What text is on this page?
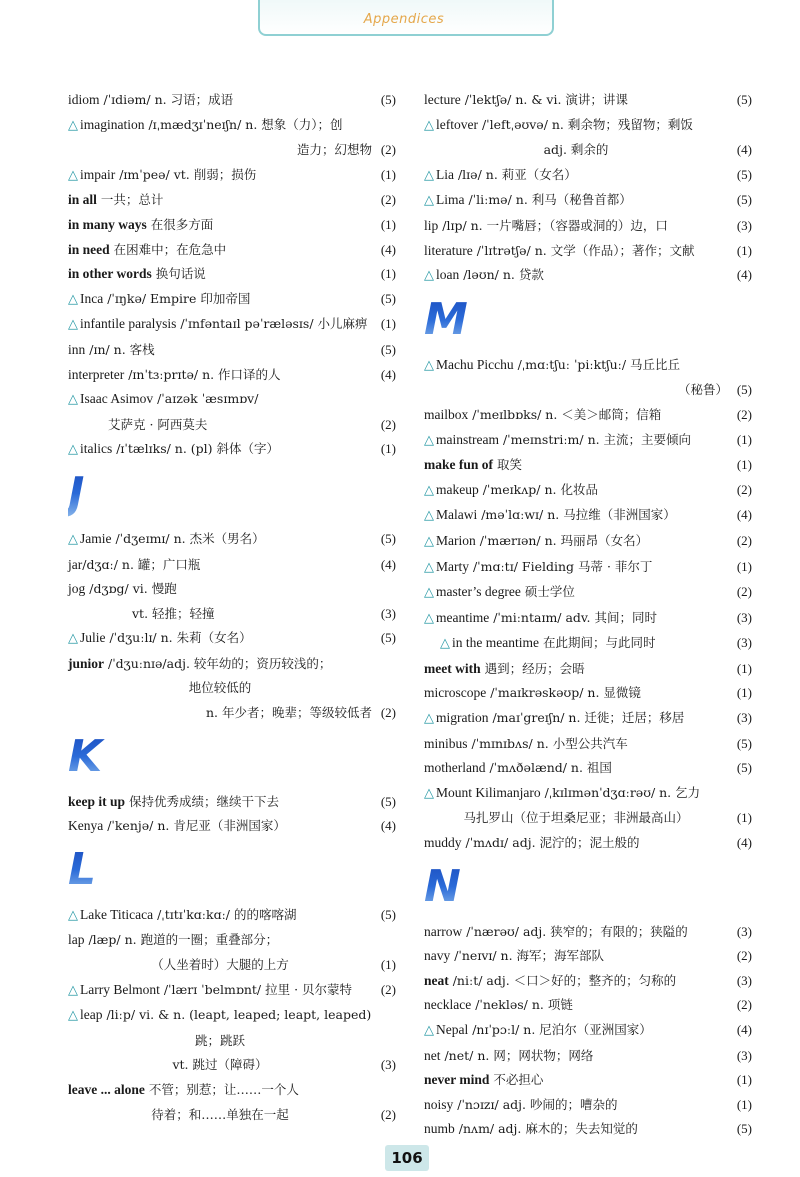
Appendices
idiom /ˈɪdiəm/ n. 习语；成语	(5)
△ imagination /ɪˌmædʒɪˈneɪʃn/ n. 想象（力）；创
造力；幻想物 (2)
△ impair /ɪmˈpeə/ vt. 削弱；损伤	(1)
in all 一共；总计	(2)
in many ways 在很多方面	(1)
in need 在困难中；在危急中	(4)
in other words 换句话说	(1)
△ Inca /ˈɪŋkə/ Empire 印加帝国	(5)
△ infantile paralysis /ˈɪnfəntaɪl pəˈræləsɪs/ 小儿麻痹 (1)
inn /ɪn/ n. 客栈	(5)
interpreter /ɪnˈtɜːprɪtə/ n. 作口译的人	(4)
△ Isaac Asimov /ˈaɪzək ˈæsɪmɒv/
艾萨克 · 阿西莫夫	(2)
△ italics /ɪˈtælɪks/ n. (pl) 斜体（字）	(1)
J
△ Jamie /ˈdʒeɪmɪ/ n. 杰米（男名）	(5)
jar/dʒɑː/ n. 罐；广口瓶	(4)
jog /dʒɒg/ vi. 慢跑
vt. 轻推；轻撞	(3)
△ Julie /ˈdʒuːlɪ/ n. 朱莉（女名）	(5)
junior /ˈdʒuːnɪə/adj. 较年幼的；资历较浅的；
地位较低的
n. 年少者；晚辈；等级较低者 (2)
K
keep it up 保持优秀成绩；继续干下去	(5)
Kenya /ˈkenjə/ n. 肯尼亚（非洲国家）	(4)
L
△ Lake Titicaca /ˌtɪtɪˈkɑːkɑː/ 的的喀喀湖	(5)
lap /læp/ n. 跑道的一圈；重叠部分；
（人坐着时）大腿的上方	(1)
△ Larry Belmont /ˈlærɪ ˈbelmɒnt/ 拉里 · 贝尔蒙特 (2)
△ leap /liːp/ vi. & n. (leapt, leaped; leapt, leaped)
跳；跳跃
vt. 跳过（障碍）	(3)
leave ... alone 不管；别惹；让……一个人
待着；和……单独在一起	(2)
lecture /ˈlektʃə/ n. & vi. 演讲；讲课	(5)
△ leftover /ˈleftˌəʊvə/ n. 剩余物；残留物；剩饭
adj. 剩余的	(4)
△ Lia /lɪə/ n. 莉亚（女名）	(5)
△ Lima /ˈliːmə/ n. 利马（秘鲁首都）	(5)
lip /lɪp/ n. 一片嘴唇；（容器或洞的）边，口	(3)
literature /ˈlɪtrətʃə/ n. 文学（作品）；著作；文献	(1)
△ loan /ləʊn/ n. 贷款	(4)
M
△ Machu Picchu /ˌmɑːtʃuː ˈpiːktʃuː/ 马丘比丘
（秘鲁） (5)
mailbox /ˈmeɪlbɒks/ n. ＜美＞邮筒；信箱	(2)
△ mainstream /ˈmeɪnstriːm/ n. 主流；主要倾向	(1)
make fun of 取笑	(1)
△ makeup /ˈmeɪkʌp/ n. 化妆品	(2)
△ Malawi /məˈlɑːwɪ/ n. 马拉维（非洲国家）	(4)
△ Marion /ˈmærɪən/ n. 玛丽昂（女名）	(2)
△ Marty /ˈmɑːtɪ/ Fielding 马蒂 · 菲尔丁	(1)
△ master’s degree 硕士学位	(2)
△ meantime /ˈmiːntaɪm/ adv. 其间；同时	(3)
△ in the meantime 在此期间；与此同时	(3)
meet with 遇到；经历；会晤	(1)
microscope /ˈmaɪkrəskəʊp/ n. 显微镜	(1)
△ migration /maɪˈgreɪʃn/ n. 迁徙；迁居；移居	(3)
minibus /ˈmɪnɪbʌs/ n. 小型公共汽车	(5)
motherland /ˈmʌðəlænd/ n. 祖国	(5)
△ Mount Kilimanjaro /ˌkɪlɪmənˈdʒɑːrəʊ/ n. 乞力
马扎罗山（位于坦桑尼亚；非洲最高山）	(1)
muddy /ˈmʌdɪ/ adj. 泥泞的；泥土般的	(4)
N
narrow /ˈnærəʊ/ adj. 狭窄的；有限的；狭隘的	(3)
navy /ˈneɪvɪ/ n. 海军；海军部队	(2)
neat /niːt/ adj. ＜口＞好的；整齐的；匀称的	(3)
necklace /ˈnekləs/ n. 项链	(2)
△ Nepal /nɪˈpɔːl/ n. 尼泊尔（亚洲国家）	(4)
net /net/ n. 网；网状物；网络	(3)
never mind 不必担心	(1)
noisy /ˈnɔɪzɪ/ adj. 吵闹的；嘈杂的	(1)
numb /nʌm/ adj. 麻木的；失去知觉的	(5)
106
